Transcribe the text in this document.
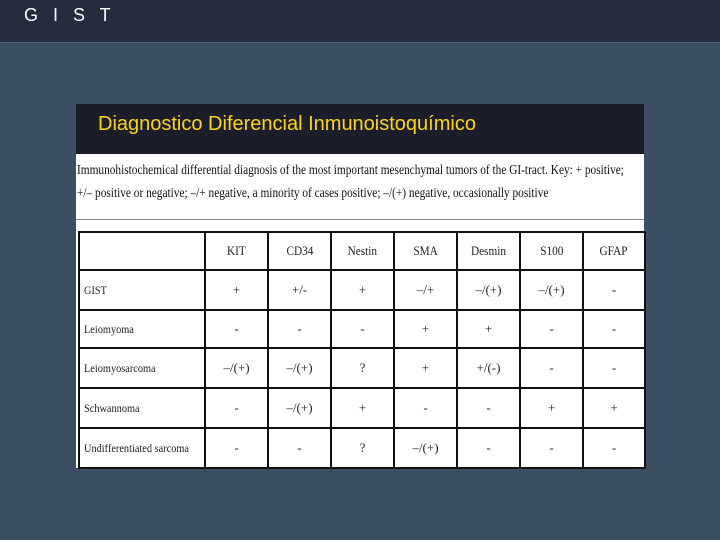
G I S T
Diagnostico Diferencial Inmunoistoquímico
Immunohistochemical differential diagnosis of the most important mesenchymal tumors of the GI-tract. Key: + positive;
+/– positive or negative; –/+ negative, a minority of cases positive; –/(+) negative, occasionally positive
	KIT	CD34	Nestin	SMA	Desmin	S100	GFAP
GIST	+	+/-	+	–/+	–/(+)	–/(+)	-
Leiomyoma	-	-	-	+	+	-	-
Leiomyosarcoma	–/(+)	–/(+)	?	+	+/(-)	-	-
Schwannoma	-	–/(+)	+	-	-	+	+
Undifferentiated sarcoma	-	-	?	–/(+)	-	-	-
